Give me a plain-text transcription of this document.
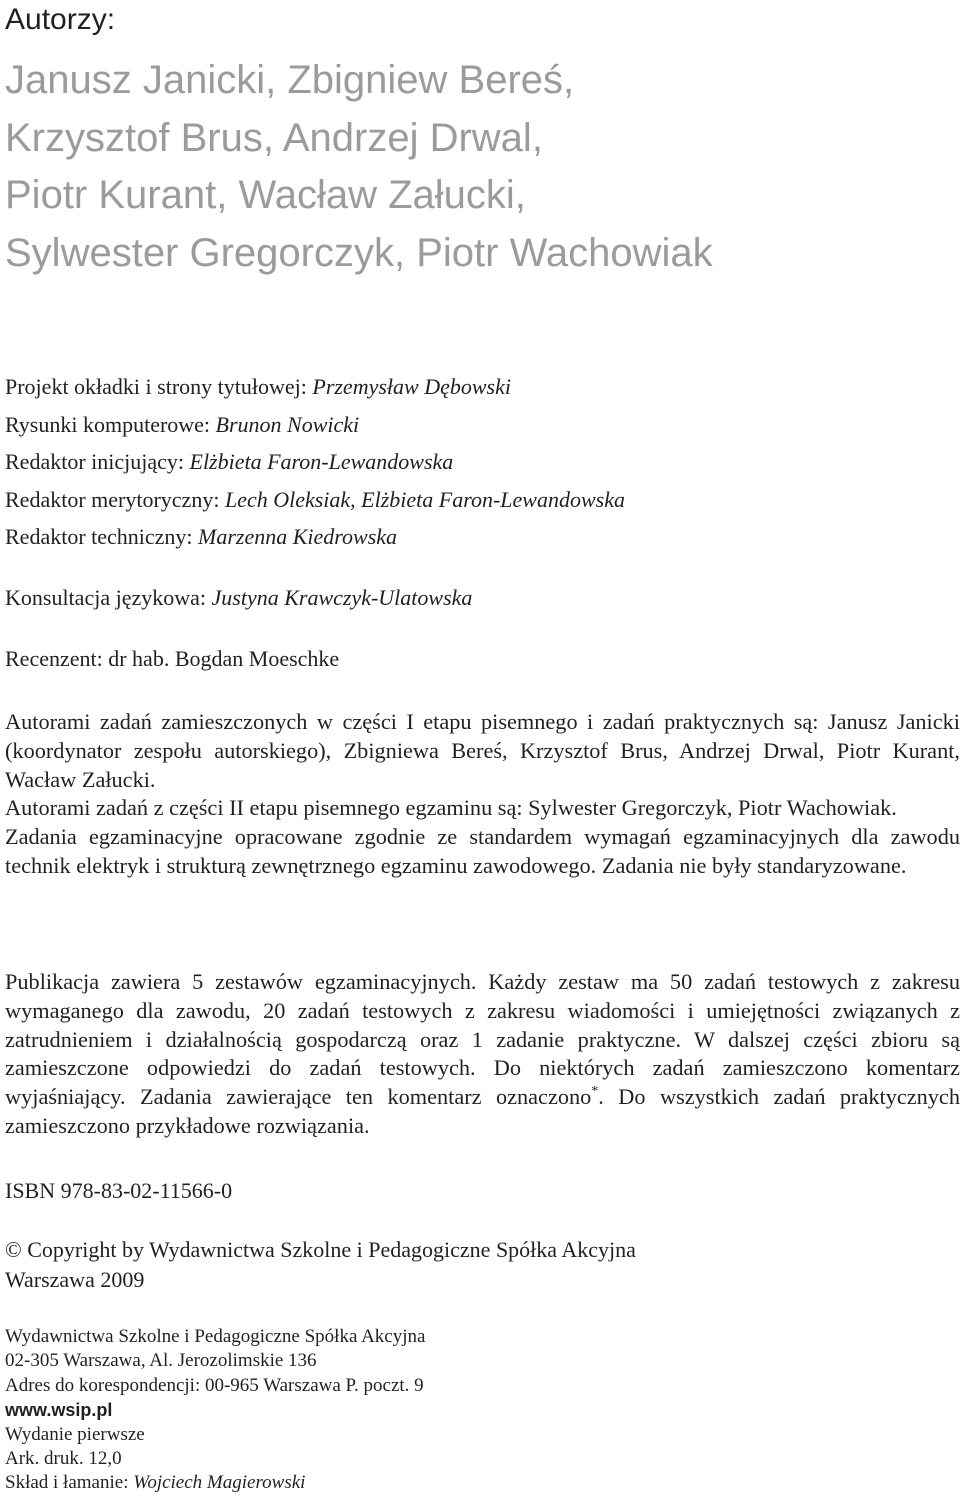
Autorzy:
Janusz Janicki, Zbigniew Bereś,
Krzysztof Brus, Andrzej Drwal,
Piotr Kurant, Wacław Załucki,
Sylwester Gregorczyk, Piotr Wachowiak
Projekt okładki i strony tytułowej: Przemysław Dębowski
Rysunki komputerowe: Brunon Nowicki
Redaktor inicjujący: Elżbieta Faron-Lewandowska
Redaktor merytoryczny: Lech Oleksiak, Elżbieta Faron-Lewandowska
Redaktor techniczny: Marzenna Kiedrowska
Konsultacja językowa: Justyna Krawczyk-Ulatowska
Recenzent: dr hab. Bogdan Moeschke

Autorami zadań zamieszczonych w części I etapu pisemnego i zadań praktycznych są: Janusz Janicki (koordynator zespołu autorskiego), Zbigniewa Bereś, Krzysztof Brus, Andrzej Drwal, Piotr Kurant, Wacław Załucki.

Autorami zadań z części II etapu pisemnego egzaminu są: Sylwester Gregorczyk, Piotr Wachowiak.

Zadania egzaminacyjne opracowane zgodnie ze standardem wymagań egzaminacyjnych dla zawodu technik elektryk i strukturą zewnętrznego egzaminu zawodowego. Zadania nie były standaryzowane.

Publikacja zawiera 5 zestawów egzaminacyjnych. Każdy zestaw ma 50 zadań testowych z zakresu wymaganego dla zawodu, 20 zadań testowych z zakresu wiadomości i umiejętności związanych z zatrudnieniem i działalnością gospodarczą oraz 1 zadanie praktyczne. W dalszej części zbioru są zamieszczone odpowiedzi do zadań testowych. Do niektórych zadań zamieszczono komentarz wyjaśniający. Zadania zawierające ten komentarz oznaczono*. Do wszystkich zadań praktycznych zamieszczono przykładowe rozwiązania.

ISBN 978-83-02-11566-0
© Copyright by Wydawnictwa Szkolne i Pedagogiczne Spółka Akcyjna
Warszawa 2009
Wydawnictwa Szkolne i Pedagogiczne Spółka Akcyjna
02-305 Warszawa, Al. Jerozolimskie 136
Adres do korespondencji: 00-965 Warszawa P. poczt. 9
www.wsip.pl
Wydanie pierwsze
Ark. druk. 12,0
Skład i łamanie: Wojciech Magierowski
